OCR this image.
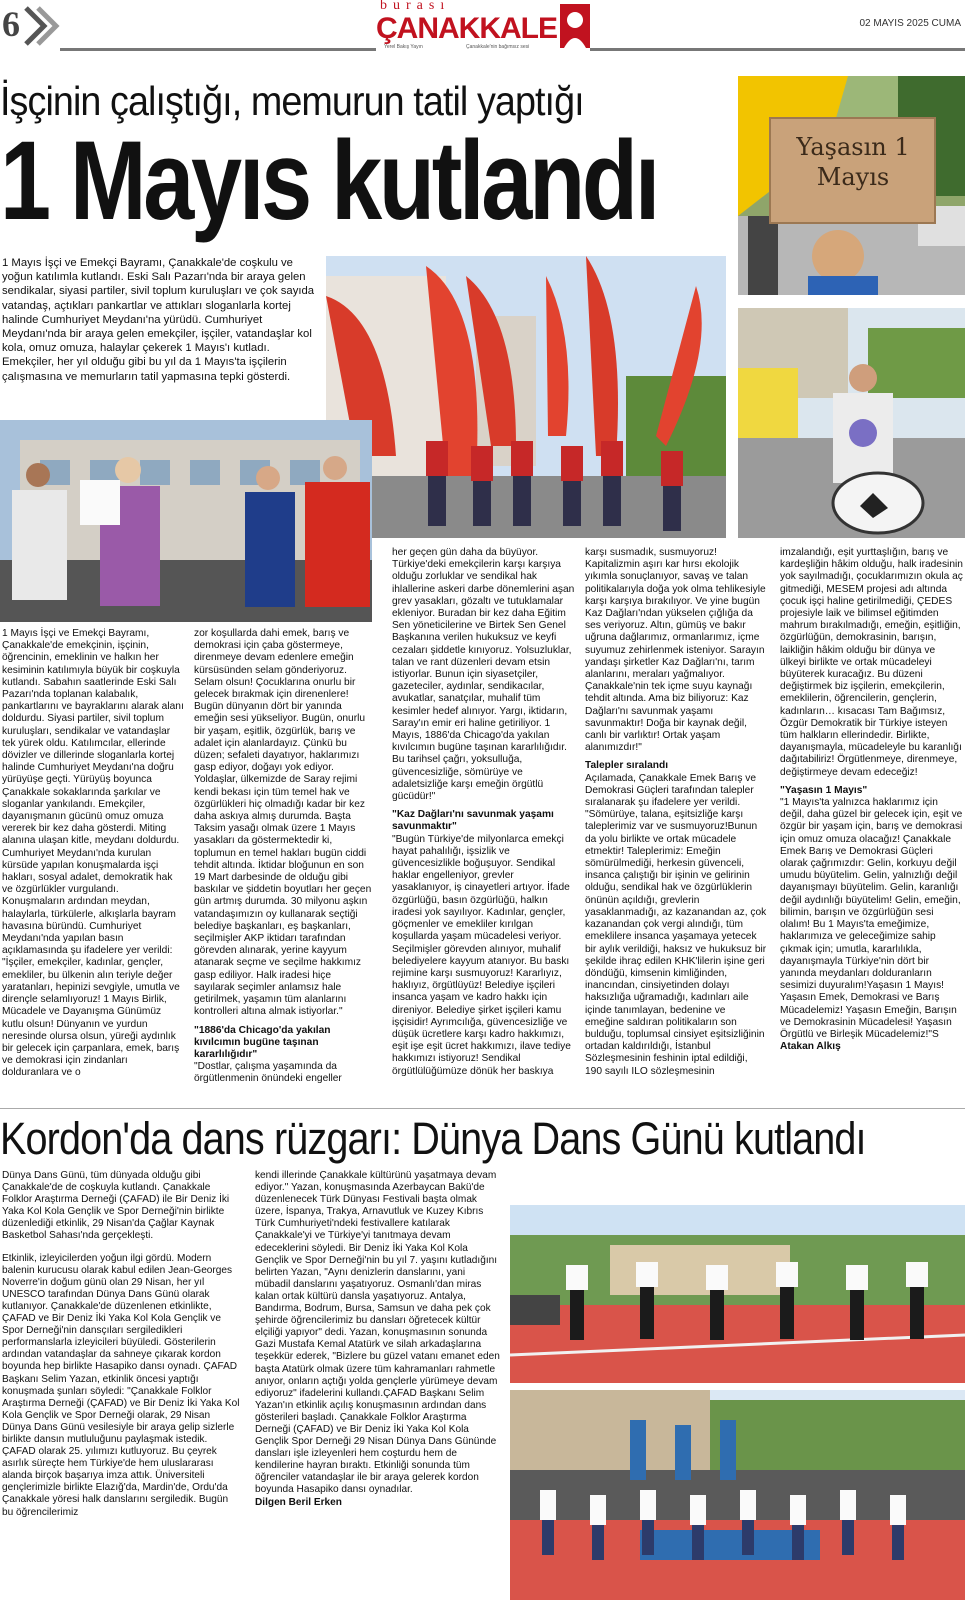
6	burası
ÇANAKKALE
Yerel Bakış Yayın	Çanakkale'nin bağımsız sesi
02 MAYIS 2025 CUMA
İşçinin çalıştığı, memurun tatil yaptığı
1 Mayıs kutlandı	Yaşasın 1 Mayıs
1 Mayıs İşçi ve Emekçi Bayramı, Çanakkale'de coşkulu ve yoğun katılımla kutlandı. Eski Salı Pazarı'nda bir araya gelen sendikalar, siyasi partiler, sivil toplum kuruluşları ve çok sayıda vatandaş, açtıkları pankartlar ve attıkları sloganlarla kortej halinde Cumhuriyet Meydanı'na yürüdü. Cumhuriyet Meydanı'nda bir araya gelen emekçiler, işçiler, vatandaşlar kol kola, omuz omuza, halaylar çekerek 1 Mayıs'ı kutladı. Emekçiler, her yıl olduğu gibi bu yıl da 1 Mayıs'ta işçilerin çalışmasına ve memurların tatil yapmasına tepki gösterdi.

1 Mayıs İşçi ve Emekçi Bayramı, Çanakkale'de emekçinin, işçinin, öğrencinin, emeklinin ve halkın her kesiminin katılımıyla büyük bir coşkuyla kutlandı. Sabahın saatlerinde Eski Salı Pazarı'nda toplanan kalabalık, pankartlarını ve bayraklarını alarak alanı doldurdu. Siyasi partiler, sivil toplum kuruluşları, sendikalar ve vatandaşlar tek yürek oldu. Katılımcılar, ellerinde dövizler ve dillerinde sloganlarla kortej halinde Cumhuriyet Meydanı'na doğru yürüyüşe geçti. Yürüyüş boyunca Çanakkale sokaklarında şarkılar ve sloganlar yankılandı. Emekçiler, dayanışmanın gücünü omuz omuza vererek bir kez daha gösterdi. Miting alanına ulaşan kitle, meydanı doldurdu. Cumhuriyet Meydanı'nda kurulan kürsüde yapılan konuşmalarda işçi hakları, sosyal adalet, demokratik hak ve özgürlükler vurgulandı. Konuşmaların ardından meydan, halaylarla, türkülerle, alkışlarla bayram havasına büründü. Cumhuriyet Meydanı'nda yapılan basın açıklamasında şu ifadelere yer verildi: "İşçiler, emekçiler, kadınlar, gençler, emekliler, bu ülkenin alın teriyle değer yaratanları, hepinizi sevgiyle, umutla ve dirençle selamlıyoruz! 1 Mayıs Birlik, Mücadele ve Dayanışma Günümüz kutlu olsun! Dünyanın ve yurdun neresinde olursa olsun, yüreği aydınlık bir gelecek için çarpanlara, emek, barış ve demokrasi için zindanları dolduranlara ve o

zor koşullarda dahi emek, barış ve demokrasi için çaba göstermeye, direnmeye devam edenlere emeğin kürsüsünden selam gönderiyoruz. Selam olsun! Çocuklarına onurlu bir gelecek bırakmak için direnenlere! Bugün dünyanın dört bir yanında emeğin sesi yükseliyor. Bugün, onurlu bir yaşam, eşitlik, özgürlük, barış ve adalet için alanlardayız. Çünkü bu düzen; sefaleti dayatıyor, haklarımızı gasp ediyor, doğayı yok ediyor. Yoldaşlar, ülkemizde de Saray rejimi kendi bekası için tüm temel hak ve özgürlükleri hiç olmadığı kadar bir kez daha askıya almış durumda. Başta Taksim yasağı olmak üzere 1 Mayıs yasakları da göstermektedir ki, toplumun en temel hakları bugün ciddi tehdit altında. İktidar bloğunun en son 19 Mart darbesinde de olduğu gibi baskılar ve şiddetin boyutları her geçen gün artmış durumda. 30 milyonu aşkın vatandaşımızın oy kullanarak seçtiği belediye başkanları, eş başkanları, seçilmişler AKP iktidarı tarafından görevden alınarak, yerine kayyum atanarak seçme ve seçilme hakkımız gasp ediliyor. Halk iradesi hiçe sayılarak seçimler anlamsız hale getirilmek, yaşamın tüm alanlarını kontrolleri altına almak istiyorlar."

"1886'da Chicago'da yakılan kıvılcımın bugüne taşınan kararlılığıdır"

"Dostlar, çalışma yaşamında da örgütlenmenin önündeki engeller

her geçen gün daha da büyüyor. Türkiye'deki emekçilerin karşı karşıya olduğu zorluklar ve sendikal hak ihlallerine askeri darbe dönemlerini aşan grev yasakları, gözaltı ve tutuklamalar ekleniyor. Buradan bir kez daha Eğitim Sen yöneticilerine ve Birtek Sen Genel Başkanına verilen hukuksuz ve keyfi cezaları şiddetle kınıyoruz. Yolsuzluklar, talan ve rant düzenleri devam etsin istiyorlar. Bunun için siyasetçiler, gazeteciler, aydınlar, sendikacılar, avukatlar, sanatçılar, muhalif tüm kesimler hedef alınıyor. Yargı, iktidarın, Saray'ın emir eri haline getiriliyor. 1 Mayıs, 1886'da Chicago'da yakılan kıvılcımın bugüne taşınan kararlılığıdır. Bu tarihsel çağrı, yoksulluğa, güvencesizliğe, sömürüye ve adaletsizliğe karşı emeğin örgütlü gücüdür!"

"Kaz Dağları'nı savunmak yaşamı savunmaktır"

"Bugün Türkiye'de milyonlarca emekçi hayat pahalılığı, işsizlik ve güvencesizlikle boğuşuyor. Sendikal haklar engelleniyor, grevler yasaklanıyor, iş cinayetleri artıyor. İfade özgürlüğü, basın özgürlüğü, halkın iradesi yok sayılıyor. Kadınlar, gençler, göçmenler ve emekliler kırılgan koşullarda yaşam mücadelesi veriyor. Seçilmişler görevden alınıyor, muhalif belediyelere kayyum atanıyor. Bu baskı rejimine karşı susmuyoruz! Kararlıyız, haklıyız, örgütlüyüz! Belediye işçileri insanca yaşam ve kadro hakkı için direniyor. Belediye şirket işçileri kamu işçisidir! Ayrımcılığa, güvencesizliğe ve düşük ücretlere karşı kadro hakkımızı, eşit işe eşit ücret hakkımızı, ilave tediye hakkımızı istiyoruz! Sendikal örgütlülüğümüze dönük her baskıya

karşı susmadık, susmuyoruz! Kapitalizmin aşırı kar hırsı ekolojik yıkımla sonuçlanıyor, savaş ve talan politikalarıyla doğa yok olma tehlikesiyle karşı karşıya bırakılıyor. Ve yine bugün Kaz Dağları'ndan yükselen çığlığa da ses veriyoruz. Altın, gümüş ve bakır uğruna dağlarımız, ormanlarımız, içme suyumuz zehirlenmek isteniyor. Sarayın yandaşı şirketler Kaz Dağları'nı, tarım alanlarını, meraları yağmalıyor. Çanakkale'nin tek içme suyu kaynağı tehdit altında. Ama biz biliyoruz: Kaz Dağları'nı savunmak yaşamı savunmaktır! Doğa bir kaynak değil, canlı bir varlıktır! Ortak yaşam alanımızdır!"

Talepler sıralandı

Açılamada, Çanakkale Emek Barış ve Demokrasi Güçleri tarafından talepler sıralanarak şu ifadelere yer verildi. "Sömürüye, talana, eşitsizliğe karşı taleplerimiz var ve susmuyoruz!Bunun da yolu birlikte ve ortak mücadele etmektir! Taleplerimiz: Emeğin sömürülmediği, herkesin güvenceli, insanca çalıştığı bir işinin ve gelirinin olduğu, sendikal hak ve özgürlüklerin önünün açıldığı, grevlerin yasaklanmadığı, az kazanandan az, çok kazanandan çok vergi alındığı, tüm emeklilere insanca yaşamaya yetecek bir aylık verildiği, haksız ve hukuksuz bir şekilde ihraç edilen KHK'lilerin işine geri döndüğü, kimsenin kimliğinden, inancından, cinsiyetinden dolayı haksızlığa uğramadığı, kadınları aile içinde tanımlayan, bedenine ve emeğine saldıran politikaların son bulduğu, toplumsal cinsiyet eşitsizliğinin ortadan kaldırıldığı, İstanbul Sözleşmesinin feshinin iptal edildiği, 190 sayılı ILO sözleşmesinin

imzalandığı, eşit yurttaşlığın, barış ve kardeşliğin hâkim olduğu, halk iradesinin yok sayılmadığı, çocuklarımızın okula aç gitmediği, MESEM projesi adı altında çocuk işçi haline getirilmediği, ÇEDES projesiyle laik ve bilimsel eğitimden mahrum bırakılmadığı, emeğin, eşitliğin, özgürlüğün, demokrasinin, barışın, laikliğin hâkim olduğu bir dünya ve ülkeyi birlikte ve ortak mücadeleyi büyüterek kuracağız. Bu düzeni değiştirmek biz işçilerin, emekçilerin, emeklilerin, öğrencilerin, gençlerin, kadınların… kısacası Tam Bağımsız, Özgür Demokratik bir Türkiye isteyen tüm halkların ellerindedir. Birlikte, dayanışmayla, mücadeleyle bu karanlığı dağıtabiliriz! Örgütlenmeye, direnmeye, değiştirmeye devam edeceğiz!

"Yaşasın 1 Mayıs"

"1 Mayıs'ta yalnızca haklarımız için değil, daha güzel bir gelecek için, eşit ve özgür bir yaşam için, barış ve demokrasi için omuz omuza olacağız! Çanakkale Emek Barış ve Demokrasi Güçleri olarak çağrımızdır: Gelin, korkuyu değil umudu büyütelim. Gelin, yalnızlığı değil dayanışmayı büyütelim. Gelin, karanlığı değil aydınlığı büyütelim! Gelin, emeğin, bilimin, barışın ve özgürlüğün sesi olalım! Bu 1 Mayıs'ta emeğimize, haklarımıza ve geleceğimize sahip çıkmak için; umutla, kararlılıkla, dayanışmayla Türkiye'nin dört bir yanında meydanları dolduranların sesimizi duyuralım!Yaşasın 1 Mayıs! Yaşasın Emek, Demokrasi ve Barış Mücadelemiz! Yaşasın Emeğin, Barışın ve Demokrasinin Mücadelesi! Yaşasın Örgütlü ve Birleşik Mücadelemiz!"S

Atakan Alkış

Kordon'da dans rüzgarı: Dünya Dans Günü kutlandı

Dünya Dans Günü, tüm dünyada olduğu gibi Çanakkale'de de coşkuyla kutlandı. Çanakkale Folklor Araştırma Derneği (ÇAFAD) ile Bir Deniz İki Yaka Kol Kola Gençlik ve Spor Derneği'nin birlikte düzenlediği etkinlik, 29 Nisan'da Çağlar Kaynak Basketbol Sahası'nda gerçekleşti.

Etkinlik, izleyicilerden yoğun ilgi gördü. Modern balenin kurucusu olarak kabul edilen Jean-Georges Noverre'in doğum günü olan 29 Nisan, her yıl UNESCO tarafından Dünya Dans Günü olarak kutlanıyor. Çanakkale'de düzenlenen etkinlikte, ÇAFAD ve Bir Deniz İki Yaka Kol Kola Gençlik ve Spor Derneği'nin dansçıları sergiledikleri performanslarla izleyicileri büyüledi. Gösterilerin ardından vatandaşlar da sahneye çıkarak kordon boyunda hep birlikte Hasapiko dansı oynadı. ÇAFAD Başkanı Selim Yazan, etkinlik öncesi yaptığı konuşmada şunları söyledi: "Çanakkale Folklor Araştırma Derneği (ÇAFAD) ve Bir Deniz İki Yaka Kol Kola Gençlik ve Spor Derneği olarak, 29 Nisan Dünya Dans Günü vesilesiyle bir araya gelip sizlerle birlikte dansın mutluluğunu paylaşmak istedik. ÇAFAD olarak 25. yılımızı kutluyoruz. Bu çeyrek asırlık süreçte hem Türkiye'de hem uluslararası alanda birçok başarıya imza attık. Üniversiteli gençlerimizle birlikte Elazığ'da, Mardin'de, Ordu'da Çanakkale yöresi halk danslarını sergiledik. Bugün bu öğrencilerimiz

kendi illerinde Çanakkale kültürünü yaşatmaya devam ediyor." Yazan, konuşmasında Azerbaycan Bakü'de düzenlenecek Türk Dünyası Festivali başta olmak üzere, İspanya, Trakya, Arnavutluk ve Kuzey Kıbrıs Türk Cumhuriyeti'ndeki festivallere katılarak Çanakkale'yi ve Türkiye'yi tanıtmaya devam edeceklerini söyledi. Bir Deniz İki Yaka Kol Kola Gençlik ve Spor Derneği'nin bu yıl 7. yaşını kutladığını belirten Yazan, "Aynı denizlerin danslarını, yani mübadil danslarını yaşatıyoruz. Osmanlı'dan miras kalan ortak kültürü dansla yaşatıyoruz. Antalya, Bandırma, Bodrum, Bursa, Samsun ve daha pek çok şehirde öğrencilerimiz bu dansları öğretecek kültür elçiliği yapıyor" dedi. Yazan, konuşmasının sonunda Gazi Mustafa Kemal Atatürk ve silah arkadaşlarına teşekkür ederek, "Bizlere bu güzel vatanı emanet eden başta Atatürk olmak üzere tüm kahramanları rahmetle anıyor, onların açtığı yolda gençlerle yürümeye devam ediyoruz" ifadelerini kullandı.ÇAFAD Başkanı Selim Yazan'ın etkinlik açılış konuşmasının ardından dans gösterileri başladı. Çanakkale Folklor Araştırma Derneği (ÇAFAD) ve Bir Deniz İki Yaka Kol Kola Gençlik Spor Derneği 29 Nisan Dünya Dans Gününde dansları işle izleyenleri hem coşturdu hem de kendilerine hayran bıraktı. Etkinliği sonunda tüm öğrenciler vatandaşlar ile bir araya gelerek kordon boyunda Hasapiko dansı oynadılar.

Dilgen Beril Erken
